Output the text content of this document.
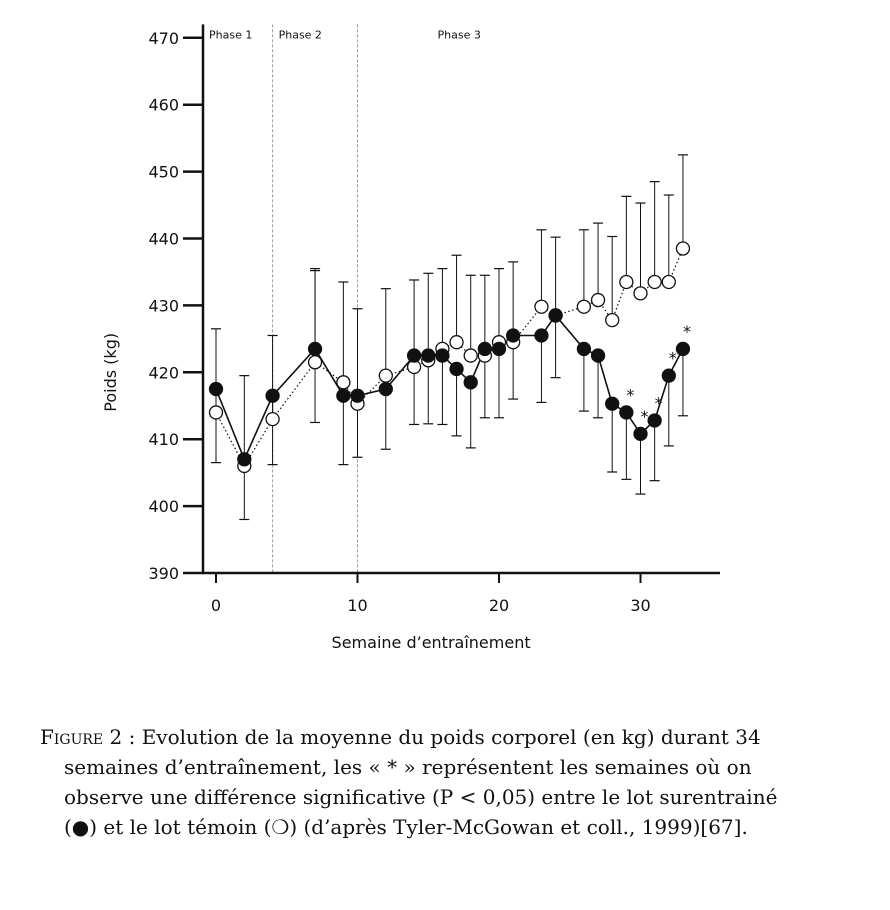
Phase 1 Phase 2	Phase 3
390
400
410
420
430
440
450
460
470
0	10	20	30
Poids (kg)
Semaine d’entraînement
*
*
*
*
*
Figure 2 : Evolution de la moyenne du poids corporel (en kg) durant 34
semaines d’entraînement, les « * » représentent les semaines où on
observe une différence significative (P < 0,05) entre le lot surentrainé
(●) et le lot témoin (❍) (d’après Tyler-McGowan et coll., 1999)[67].
